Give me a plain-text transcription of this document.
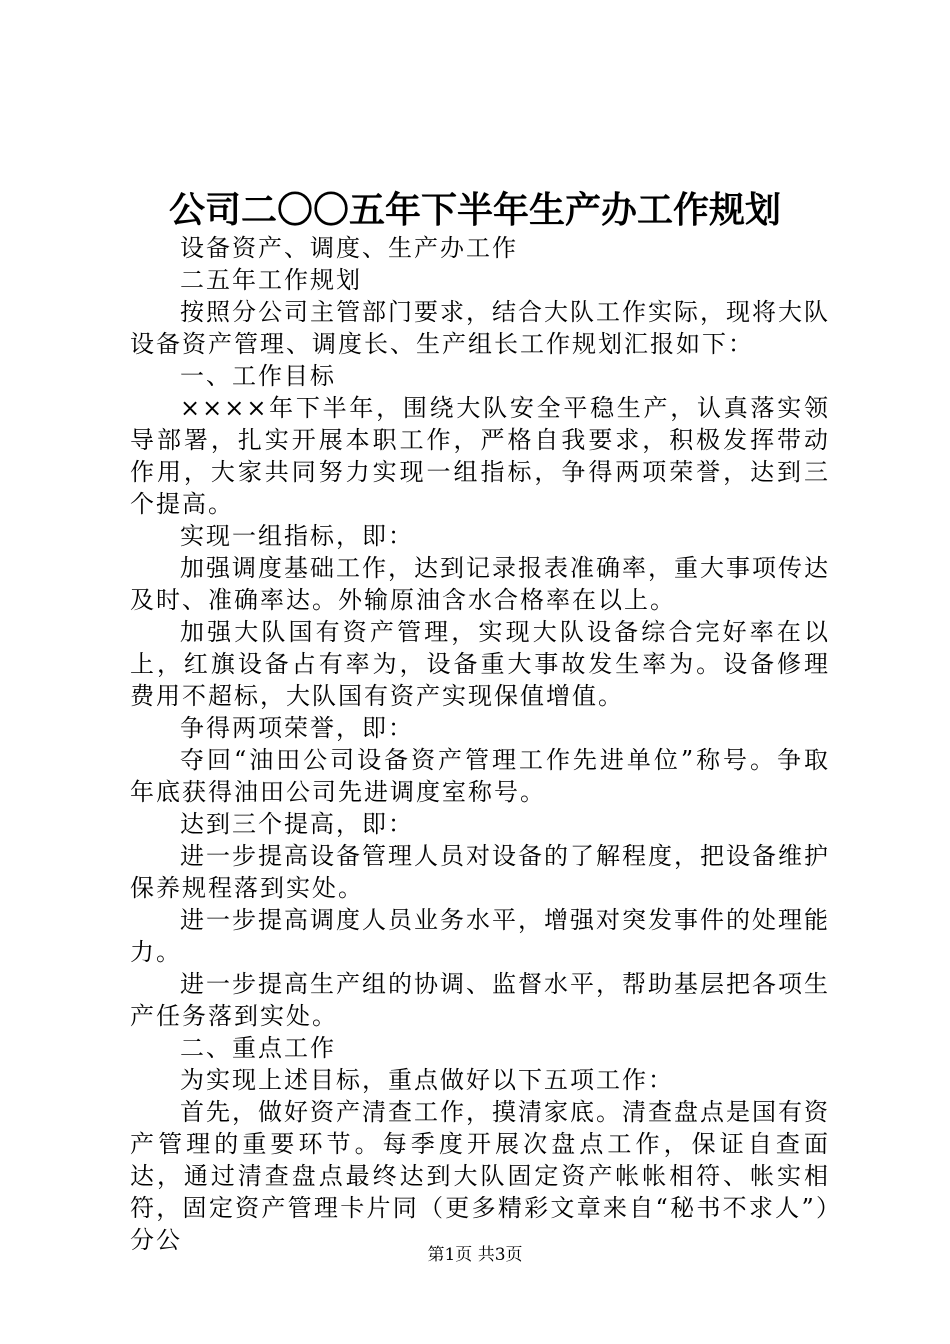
公司二〇〇五年下半年生产办工作规划

设备资产、调度、生产办工作

二五年工作规划

按照分公司主管部门要求，结合大队工作实际，现将大队设备资产管理、调度长、生产组长工作规划汇报如下：

一、工作目标

××××年下半年，围绕大队安全平稳生产，认真落实领导部署，扎实开展本职工作，严格自我要求，积极发挥带动作用，大家共同努力实现一组指标，争得两项荣誉，达到三个提高。

实现一组指标，即：

加强调度基础工作，达到记录报表准确率，重大事项传达及时、准确率达。外输原油含水合格率在以上。

加强大队国有资产管理，实现大队设备综合完好率在以上，红旗设备占有率为，设备重大事故发生率为。设备修理费用不超标，大队国有资产实现保值增值。

争得两项荣誉，即：

夺回“油田公司设备资产管理工作先进单位”称号。争取年底获得油田公司先进调度室称号。

达到三个提高，即：

进一步提高设备管理人员对设备的了解程度，把设备维护保养规程落到实处。

进一步提高调度人员业务水平，增强对突发事件的处理能力。

进一步提高生产组的协调、监督水平，帮助基层把各项生产任务落到实处。

二、重点工作

为实现上述目标，重点做好以下五项工作：

首先，做好资产清查工作，摸清家底。清查盘点是国有资产管理的重要环节。每季度开展次盘点工作，保证自查面达，通过清查盘点最终达到大队固定资产帐帐相符、帐实相符，固定资产管理卡片同（更多精彩文章来自“秘书不求人”）分公

第1页 共3页
